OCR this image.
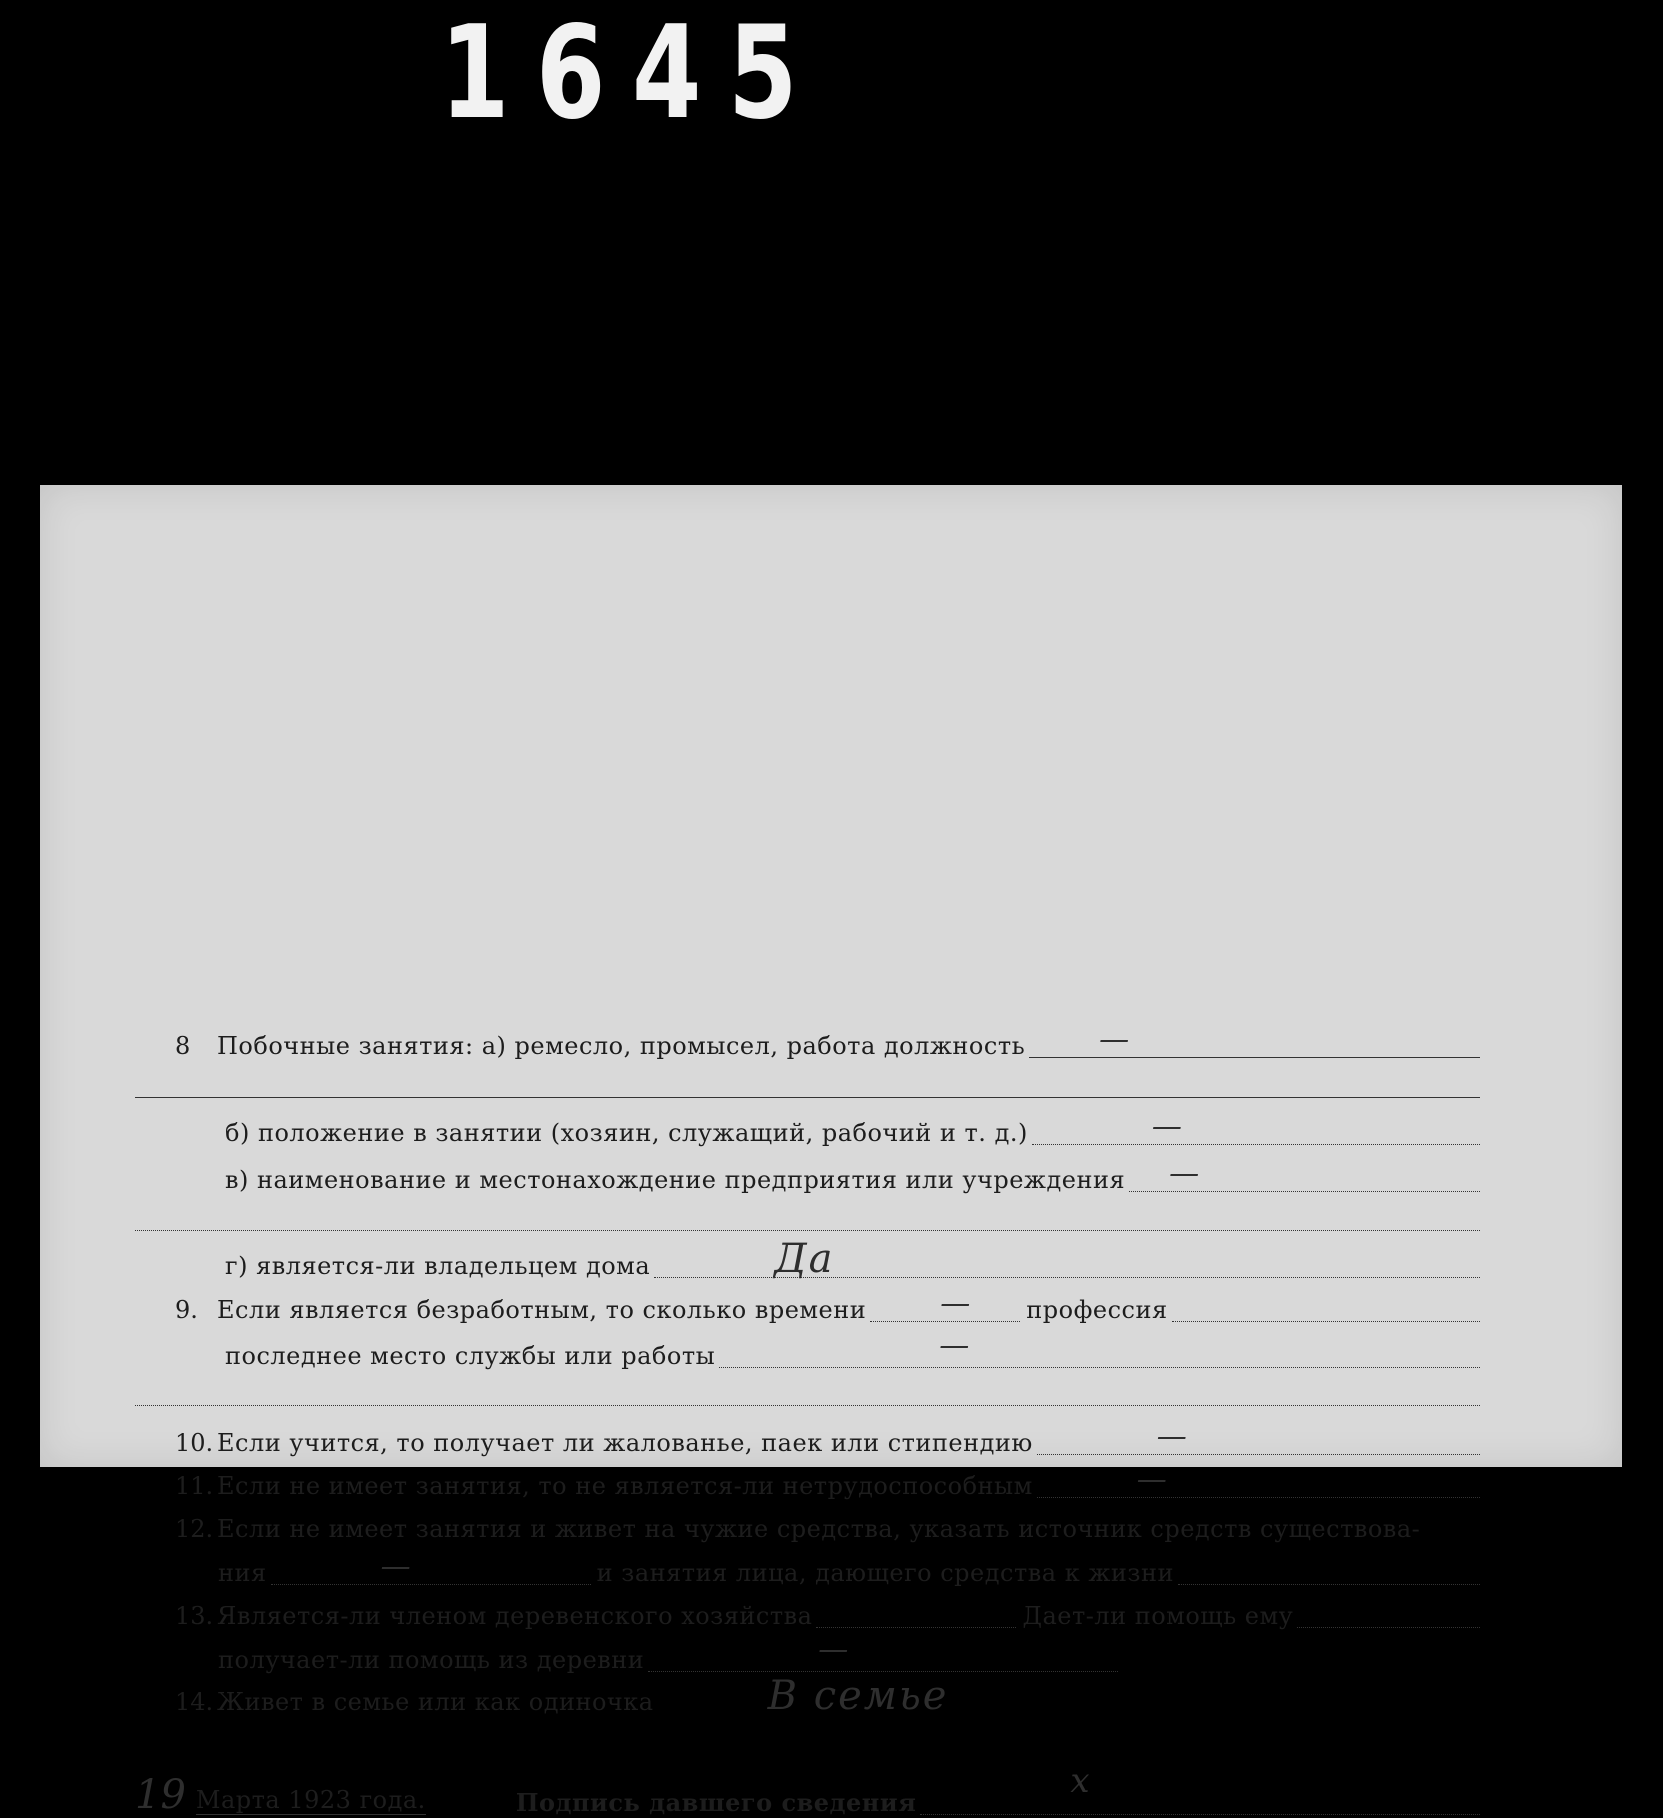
1645
8	Побочные занятия: а) ремесло, промысел, работа должность —
б) положение в занятии (хозяин, служащий, рабочий и т. д.)	—
в) наименование и местонахождение предприятия или учреждения —
г) является-ли владельцем дома	Да
9. Если является безработным, то сколько времени — профессия
последнее место службы или работы	—
10. Если учится, то получает ли жалованье, паек или стипендию	—
11. Если не имеет занятия, то не является-ли нетрудоспособным	—
12. Если не имеет занятия и живет на чужие средства, указать источник средств существова-
ния	—	и занятия лица, дающего средства к жизни
13. Является-ли членом деревенского хозяйства	Дает-ли помощь ему
получает-ли помощь из деревни	—
14. Живет в семье или как одиночка	В семье
19 Марта 1923 года.	Подпись давшего сведения
x
